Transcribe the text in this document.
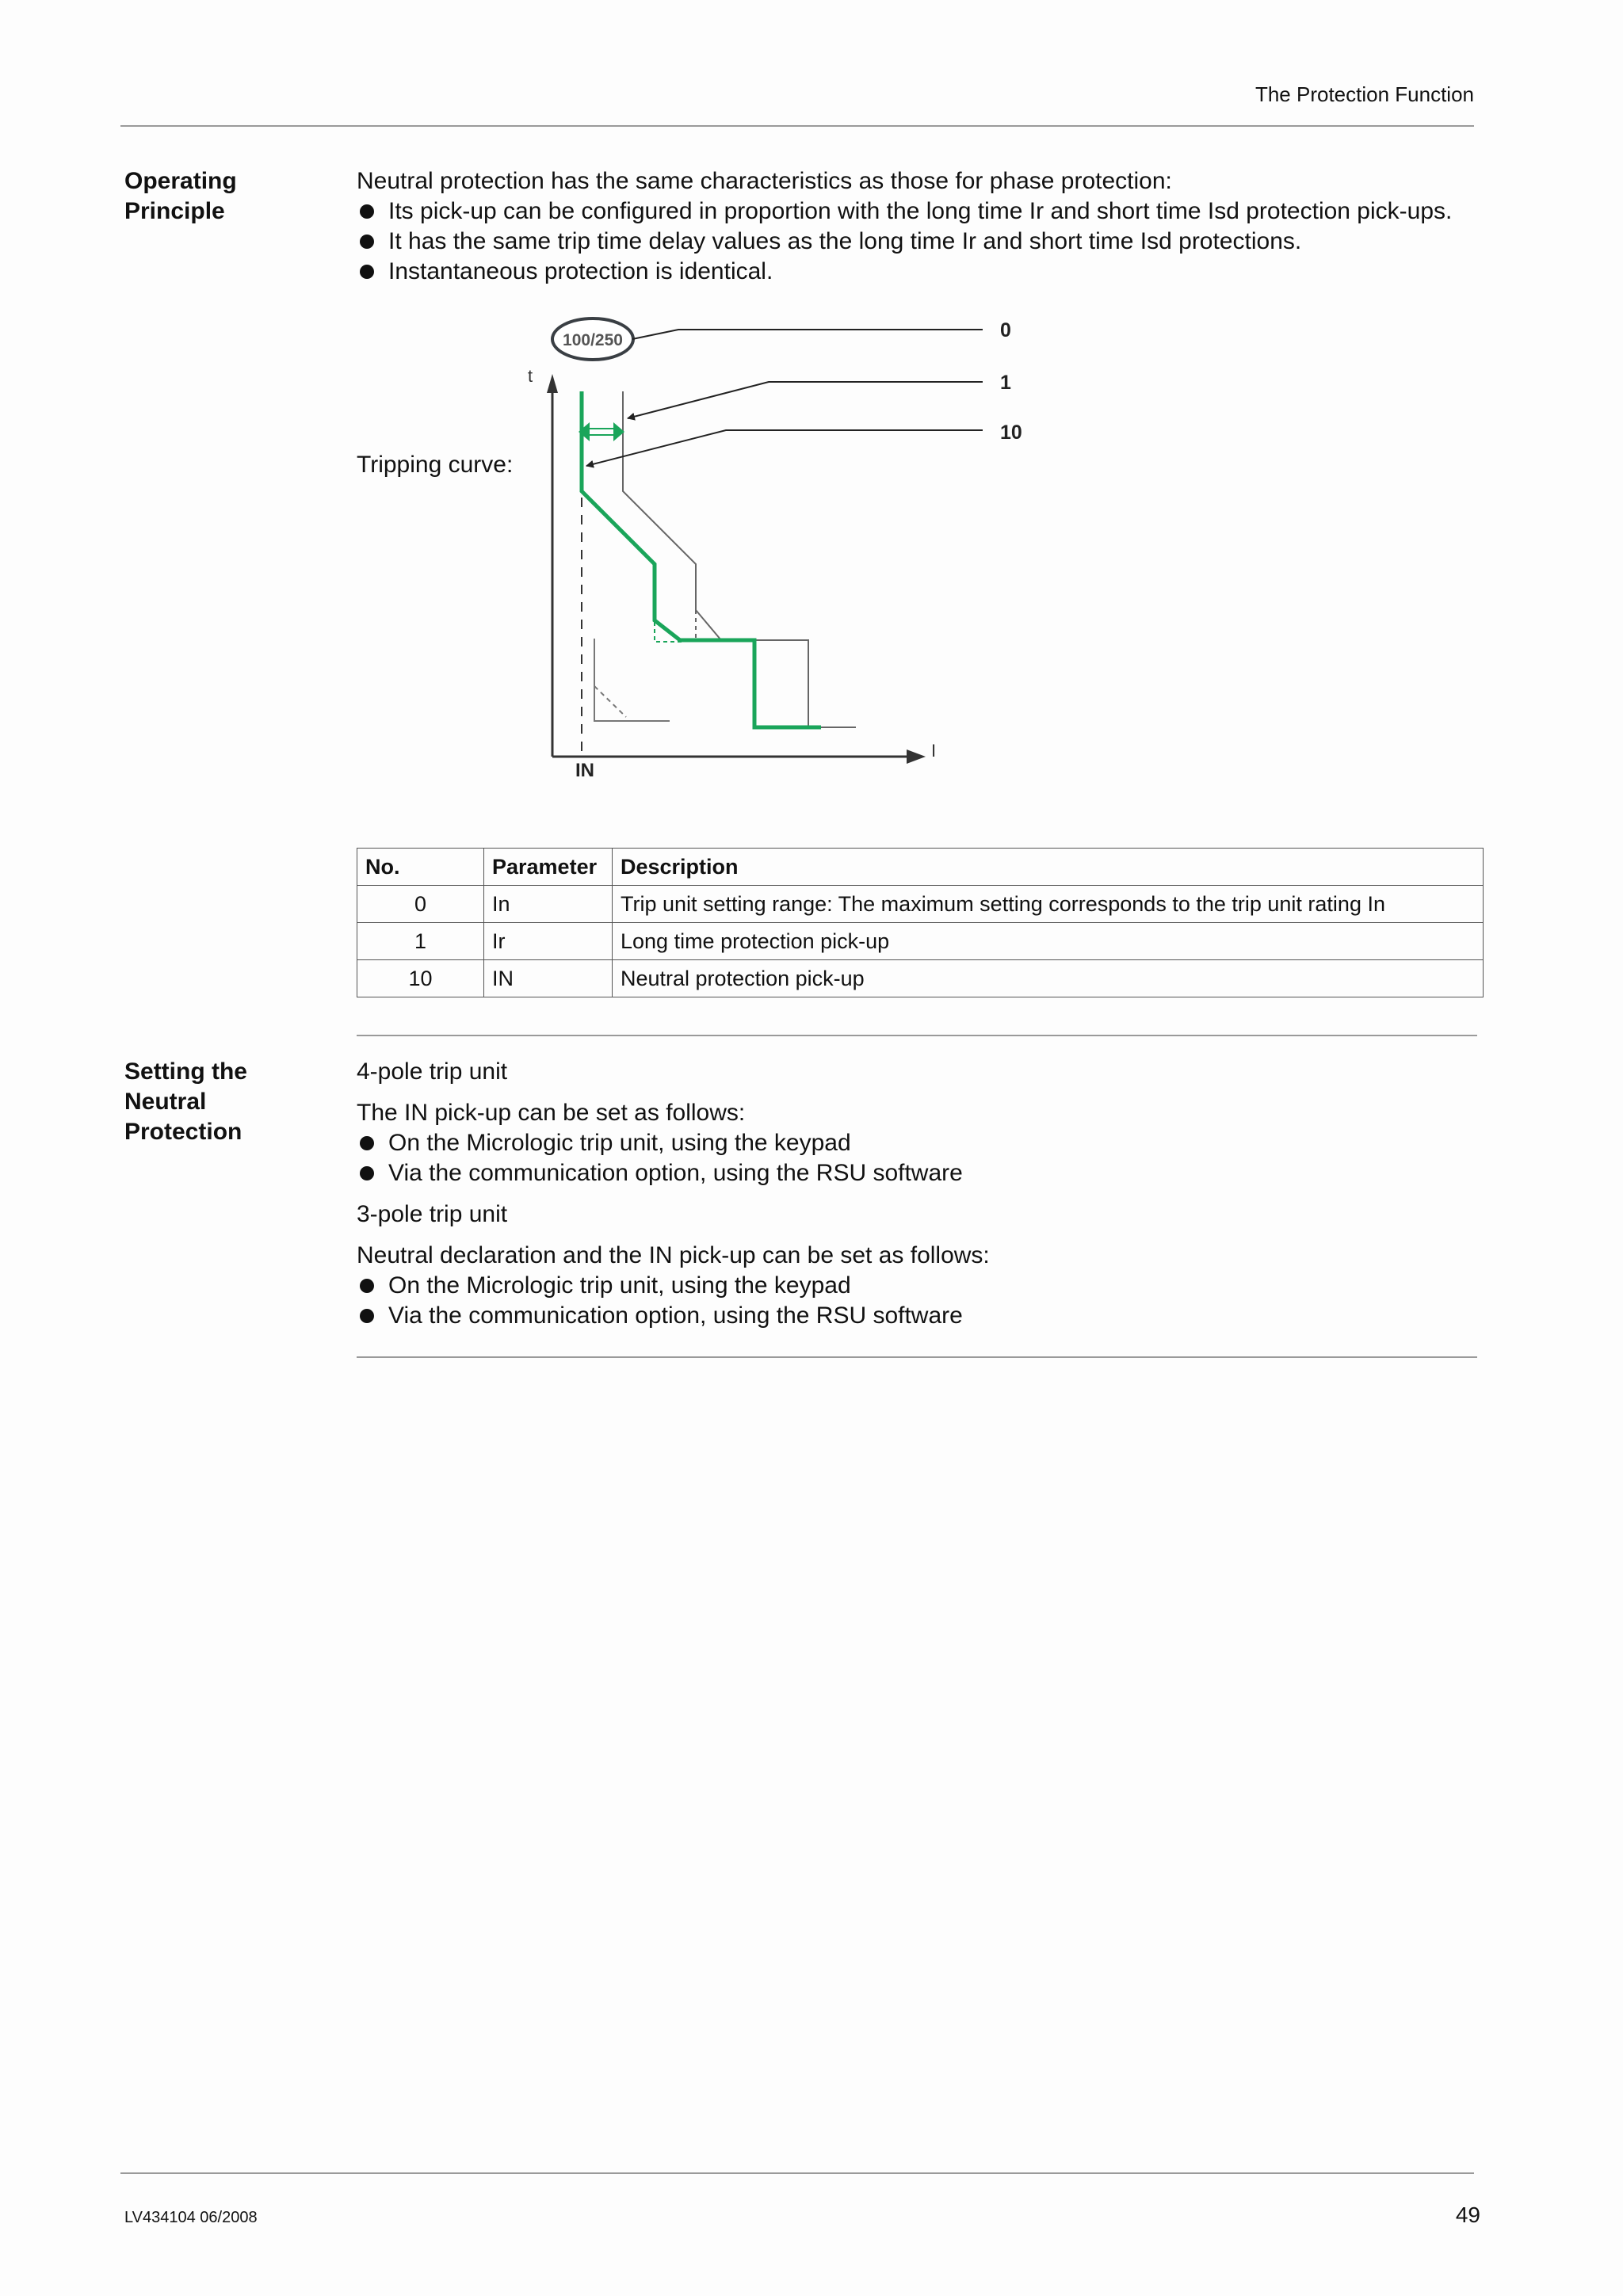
The Protection Function
Operating
Principle

Neutral protection has the same characteristics as those for phase protection:

Its pick-up can be configured in proportion with the long time Ir and short time Isd protection pick-ups.
It has the same trip time delay values as the long time Ir and short time Isd protections.
Instantaneous protection is identical.
Tripping curve:
t
I
IN
100/250	0
1
10
No.	Parameter	Description
0	In	Trip unit setting range: The maximum setting corresponds to the trip unit rating In
1	Ir	Long time protection pick-up
10	IN	Neutral protection pick-up
Setting the
Neutral
Protection

4-pole trip unit

The IN pick-up can be set as follows:

On the Micrologic trip unit, using the keypad
Via the communication option, using the RSU software

3-pole trip unit

Neutral declaration and the IN pick-up can be set as follows:

On the Micrologic trip unit, using the keypad
Via the communication option, using the RSU software
LV434104 06/2008	49
